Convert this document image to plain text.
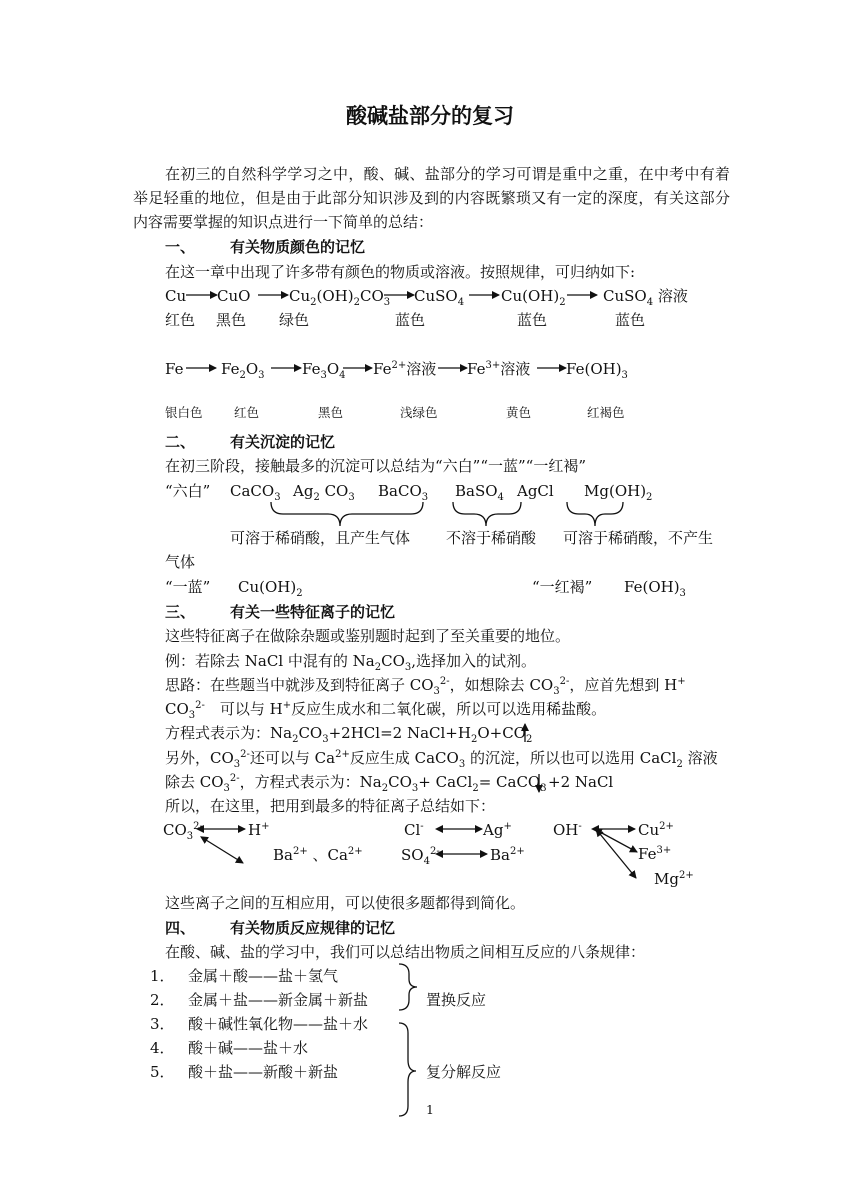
酸碱盐部分的复习
在初三的自然科学学习之中，酸、碱、盐部分的学习可谓是重中之重，在中考中有着举足轻重的地位，但是由于此部分知识涉及到的内容既繁琐又有一定的深度，有关这部分内容需要掌握的知识点进行一下简单的总结：
一、 有关物质颜色的记忆
在这一章中出现了许多带有颜色的物质或溶液。按照规律，可归纳如下:
Cu CuO	$Cu_2(OH)_2CO_3$ CuSO$_4$ $Cu(OH)_2$ CuSO$_4$ 溶液
红色 黑色 绿色	蓝色	蓝色	蓝色
Fe	$Fe_2O_3$ $Fe_3O_4$ $Fe^{2+}$溶液 $Fe^{3+}$溶液 $Fe(OH)_3$
银白色	红色	黑色	浅绿色	黄色	红褐色
二、 有关沉淀的记忆
在初三阶段，接触最多的沉淀可以总结为“六白”“一蓝”“一红褐”
“六白” CaCO$_3$ $Ag_2$ $CO_3$ BaCO$_3$ BaSO$_4$ AgCl $Mg(OH)_2$
可溶于稀硝酸，且产生气体 不溶于稀硝酸 可溶于稀硝酸，不产生
气体
“一蓝” $Cu(OH)_2$	“一红褐” $Fe(OH)_3$
三、 有关一些特征离子的记忆
这些特征离子在做除杂题或鉴别题时起到了至关重要的地位。
例：若除去 NaCl 中混有的 $Na_2CO_3$,选择加入的试剂。
思路：在些题当中就涉及到特征离子 $CO_3^{2-}$，如想除去 $CO_3^{2-}$，应首先想到 H+
$CO_3^{2-}$　可以与 H+反应生成水和二氧化碳，所以可以选用稀盐酸。
方程式表示为：$Na_2CO_3+2HCl=2$ $NaCl+H_2O+CO_2$
另外，$CO_3^{2-}$还可以与 $Ca^{2+}$反应生成 CaCO$_3$ 的沉淀，所以也可以选用 CaCl$_2$ 溶液
除去 $CO_3^{2-}$，方程式表示为：$Na_2CO_3+$ CaCl$_2$= CaCO$_3$ +2 NaCl
所以，在这里，把用到最多的特征离子总结如下：
$CO_3^{2-}$	H+
$Ba^{2+}$ 、$Ca^{2+}$
Cl-	Ag+
$SO_4^{2-}$	$Ba^{2+}$
OH-	$Cu^{2+}$
$Fe^{3+}$
$Mg^{2+}$
这些离子之间的互相应用，可以使很多题都得到简化。
四、 有关物质反应规律的记忆
在酸、碱、盐的学习中，我们可以总结出物质之间相互反应的八条规律：
1． 金属＋酸——盐＋氢气
2． 金属＋盐——新金属＋新盐
3． 酸＋碱性氧化物——盐＋水
4． 酸＋碱——盐＋水
5． 酸＋盐——新酸＋新盐
置换反应
复分解反应
1
